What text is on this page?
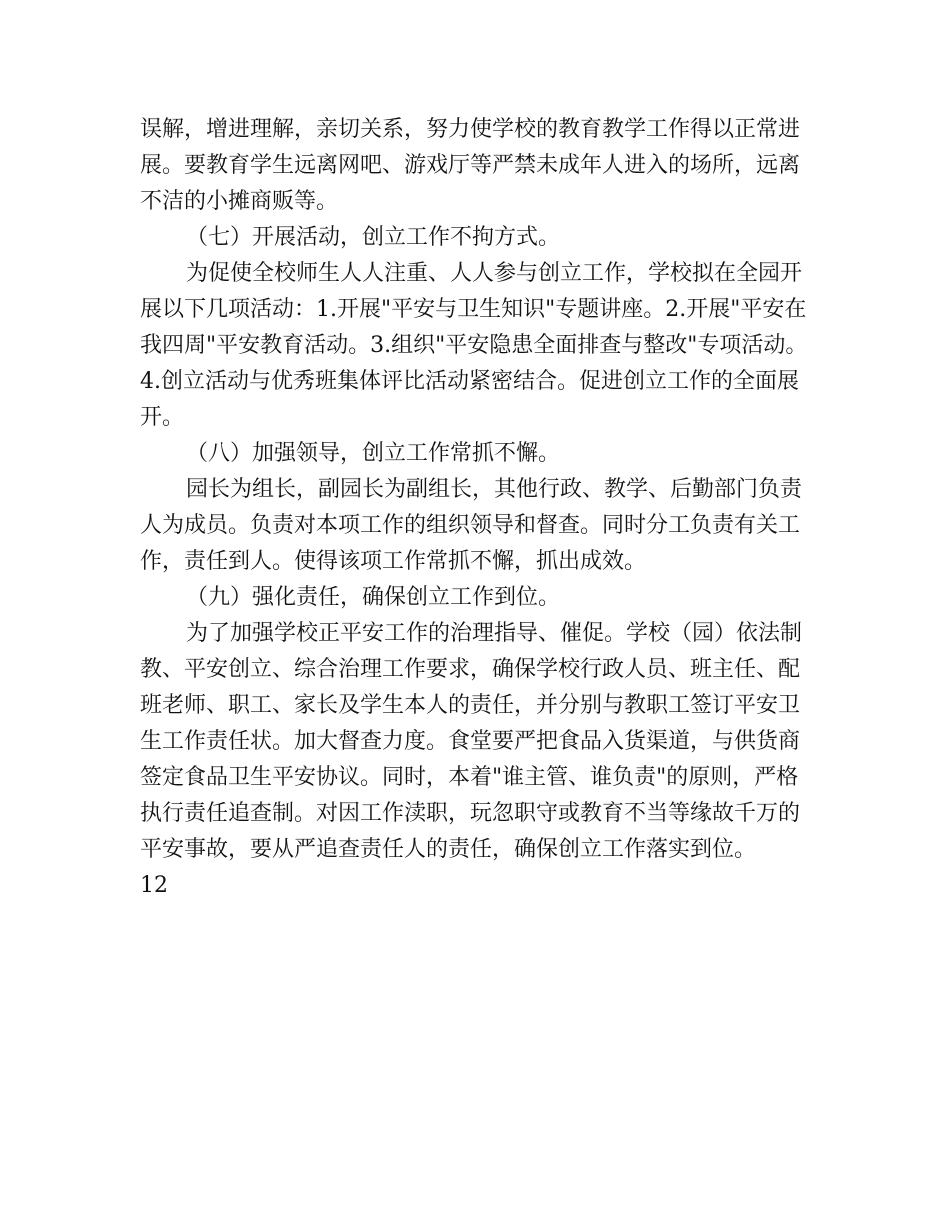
误解，增进理解，亲切关系，努力使学校的教育教学工作得以正常进
展。要教育学生远离网吧、游戏厅等严禁未成年人进入的场所，远离
不洁的小摊商贩等。
（七）开展活动，创立工作不拘方式。
为促使全校师生人人注重、人人参与创立工作，学校拟在全园开
展以下几项活动：1.开展"平安与卫生知识"专题讲座。2.开展"平安在
我四周"平安教育活动。3.组织"平安隐患全面排查与整改"专项活动。
4.创立活动与优秀班集体评比活动紧密结合。促进创立工作的全面展
开。
（八）加强领导，创立工作常抓不懈。
园长为组长，副园长为副组长，其他行政、教学、后勤部门负责
人为成员。负责对本项工作的组织领导和督查。同时分工负责有关工
作，责任到人。使得该项工作常抓不懈，抓出成效。
（九）强化责任，确保创立工作到位。
为了加强学校正平安工作的治理指导、催促。学校（园）依法制
教、平安创立、综合治理工作要求，确保学校行政人员、班主任、配
班老师、职工、家长及学生本人的责任，并分别与教职工签订平安卫
生工作责任状。加大督查力度。食堂要严把食品入货渠道，与供货商
签定食品卫生平安协议。同时，本着"谁主管、谁负责"的原则，严格
执行责任追查制。对因工作渎职，玩忽职守或教育不当等缘故千万的
平安事故，要从严追查责任人的责任，确保创立工作落实到位。
12
